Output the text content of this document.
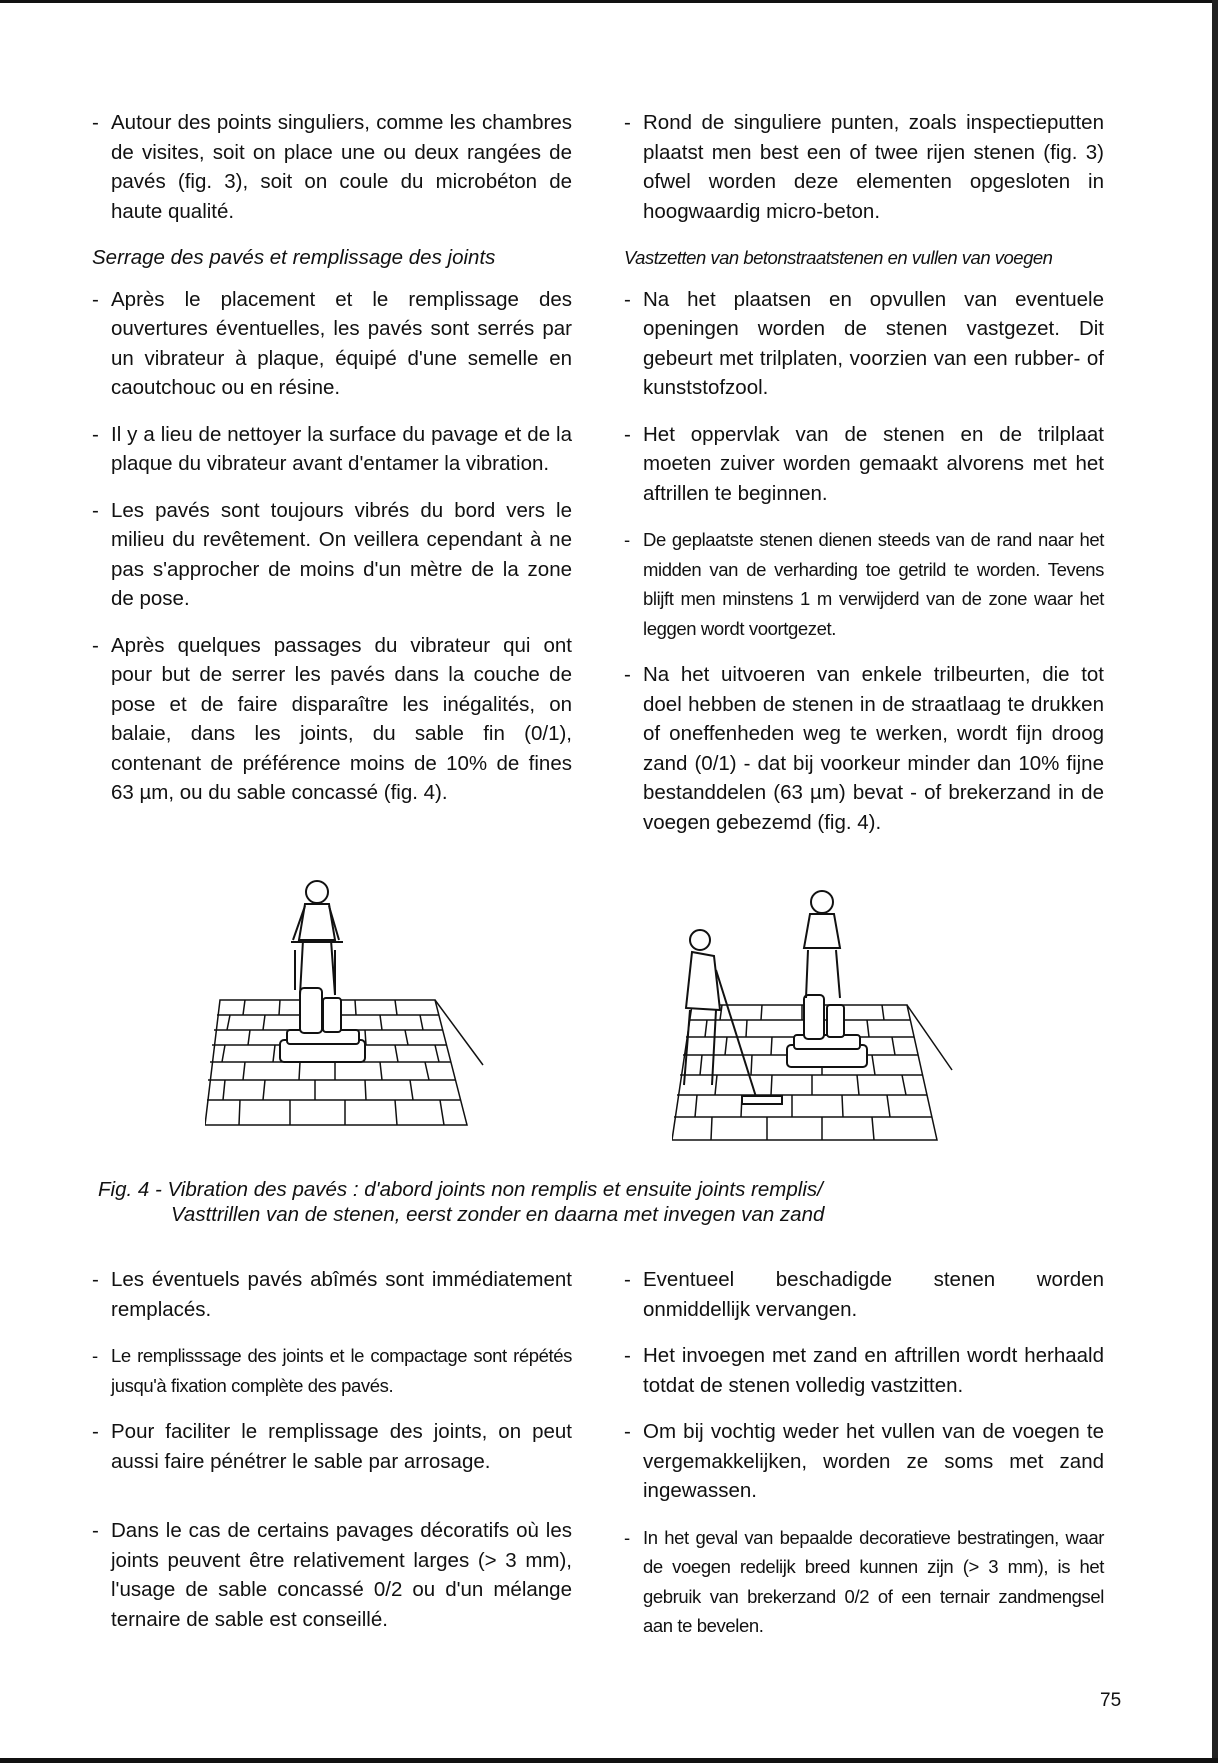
- Autour des points singuliers, comme les chambres de visites, soit on place une ou deux rangées de pavés (fig. 3), soit on coule du microbéton de haute qualité.

Serrage des pavés et remplissage des joints

- Après le placement et le remplissage des ouvertures éventuelles, les pavés sont serrés par un vibrateur à plaque, équipé d'une semelle en caoutchouc ou en résine.

- Il y a lieu de nettoyer la surface du pavage et de la plaque du vibrateur avant d'entamer la vibration.

- Les pavés sont toujours vibrés du bord vers le milieu du revêtement. On veillera cependant à ne pas s'approcher de moins d'un mètre de la zone de pose.

- Après quelques passages du vibrateur qui ont pour but de serrer les pavés dans la couche de pose et de faire disparaître les inégalités, on balaie, dans les joints, du sable fin (0/1), contenant de préférence moins de 10% de fines 63 µm, ou du sable concassé (fig. 4).

- Rond de singuliere punten, zoals inspectieputten plaatst men best een of twee rijen stenen (fig. 3) ofwel worden deze elementen opgesloten in hoogwaardig micro-beton.

Vastzetten van betonstraatstenen en vullen van voegen

- Na het plaatsen en opvullen van eventuele openingen worden de stenen vastgezet. Dit gebeurt met trilplaten, voorzien van een rubber- of kunststofzool.

- Het oppervlak van de stenen en de trilplaat moeten zuiver worden gemaakt alvorens met het aftrillen te beginnen.

- De geplaatste stenen dienen steeds van de rand naar het midden van de verharding toe getrild te worden. Tevens blijft men minstens 1 m verwijderd van de zone waar het leggen wordt voortgezet.

- Na het uitvoeren van enkele trilbeurten, die tot doel hebben de stenen in de straatlaag te drukken of oneffenheden weg te werken, wordt fijn droog zand (0/1) - dat bij voorkeur minder dan 10% fijne bestanddelen (63 µm) bevat - of brekerzand in de voegen gebezemd (fig. 4).

Fig. 4 - Vibration des pavés : d'abord joints non remplis et ensuite joints remplis/
Vasttrillen van de stenen, eerst zonder en daarna met invegen van zand

- Les éventuels pavés abîmés sont immédiatement remplacés.

- Le remplisssage des joints et le compactage sont répétés jusqu'à fixation complète des pavés.

- Pour faciliter le remplissage des joints, on peut aussi faire pénétrer le sable par arrosage.

- Dans le cas de certains pavages décoratifs où les joints peuvent être relativement larges (> 3 mm), l'usage de sable concassé 0/2 ou d'un mélange ternaire de sable est conseillé.

- Eventueel beschadigde stenen worden onmiddellijk vervangen.

- Het invoegen met zand en aftrillen wordt herhaald totdat de stenen volledig vastzitten.

- Om bij vochtig weder het vullen van de voegen te vergemakkelijken, worden ze soms met zand ingewassen.

- In het geval van bepaalde decoratieve bestratingen, waar de voegen redelijk breed kunnen zijn (> 3 mm), is het gebruik van brekerzand 0/2 of een ternair zandmengsel aan te bevelen.

75
